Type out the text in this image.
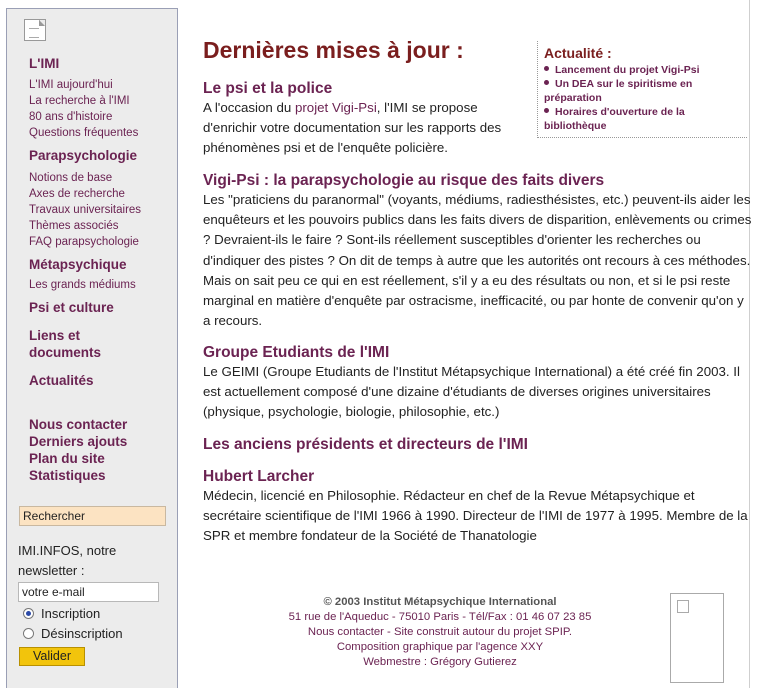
L'IMI
L'IMI aujourd'hui
La recherche à l'IMI
80 ans d'histoire
Questions fréquentes
Parapsychologie
Notions de base
Axes de recherche
Travaux universitaires
Thèmes associés
FAQ parapsychologie
Métapsychique
Les grands médiums
Psi et culture
Liens et
documents
Actualités
Nous contacter
Derniers ajouts
Plan du site
Statistiques
Rechercher
IMI.INFOS, notre
newsletter :
votre e-mail
Inscription
Désinscription
Valider
Dernières mises à jour :
Le psi et la police

A l'occasion du projet Vigi-Psi, l'IMI se propose d'enrichir votre documentation sur les rapports des phénomènes psi et de l'enquête policière.

Vigi-Psi : la parapsychologie au risque des faits divers

Les "praticiens du paranormal" (voyants, médiums, radiesthésistes, etc.) peuvent-ils aider les enquêteurs et les pouvoirs publics dans les faits divers de disparition, enlèvements ou crimes ? Devraient-ils le faire ? Sont-ils réellement susceptibles d'orienter les recherches ou d'indiquer des pistes ? On dit de temps à autre que les autorités ont recours à ces méthodes. Mais on sait peu ce qui en est réellement, s'il y a eu des résultats ou non, et si le psi reste marginal en matière d'enquête par ostracisme, inefficacité, ou par honte de convenir qu'on y a recours.

Groupe Etudiants de l'IMI

Le GEIMI (Groupe Etudiants de l'Institut Métapsychique International) a été créé fin 2003. Il est actuellement composé d'une dizaine d'étudiants de diverses origines universitaires (physique, psychologie, biologie, philosophie, etc.)

Les anciens présidents et directeurs de l'IMI
Hubert Larcher

Médecin, licencié en Philosophie. Rédacteur en chef de la Revue Métapsychique et secrétaire scientifique de l'IMI 1966 à 1990. Directeur de l'IMI de 1977 à 1995. Membre de la SPR et membre fondateur de la Société de Thanatologie

Actualité :
Lancement du projet Vigi-Psi
Un DEA sur le spiritisme en préparation
Horaires d'ouverture de la bibliothèque
© 2003 Institut Métapsychique International
51 rue de l'Aqueduc - 75010 Paris - Tél/Fax : 01 46 07 23 85
Nous contacter - Site construit autour du projet SPIP.
Composition graphique par l'agence XXY
Webmestre : Grégory Gutierez
